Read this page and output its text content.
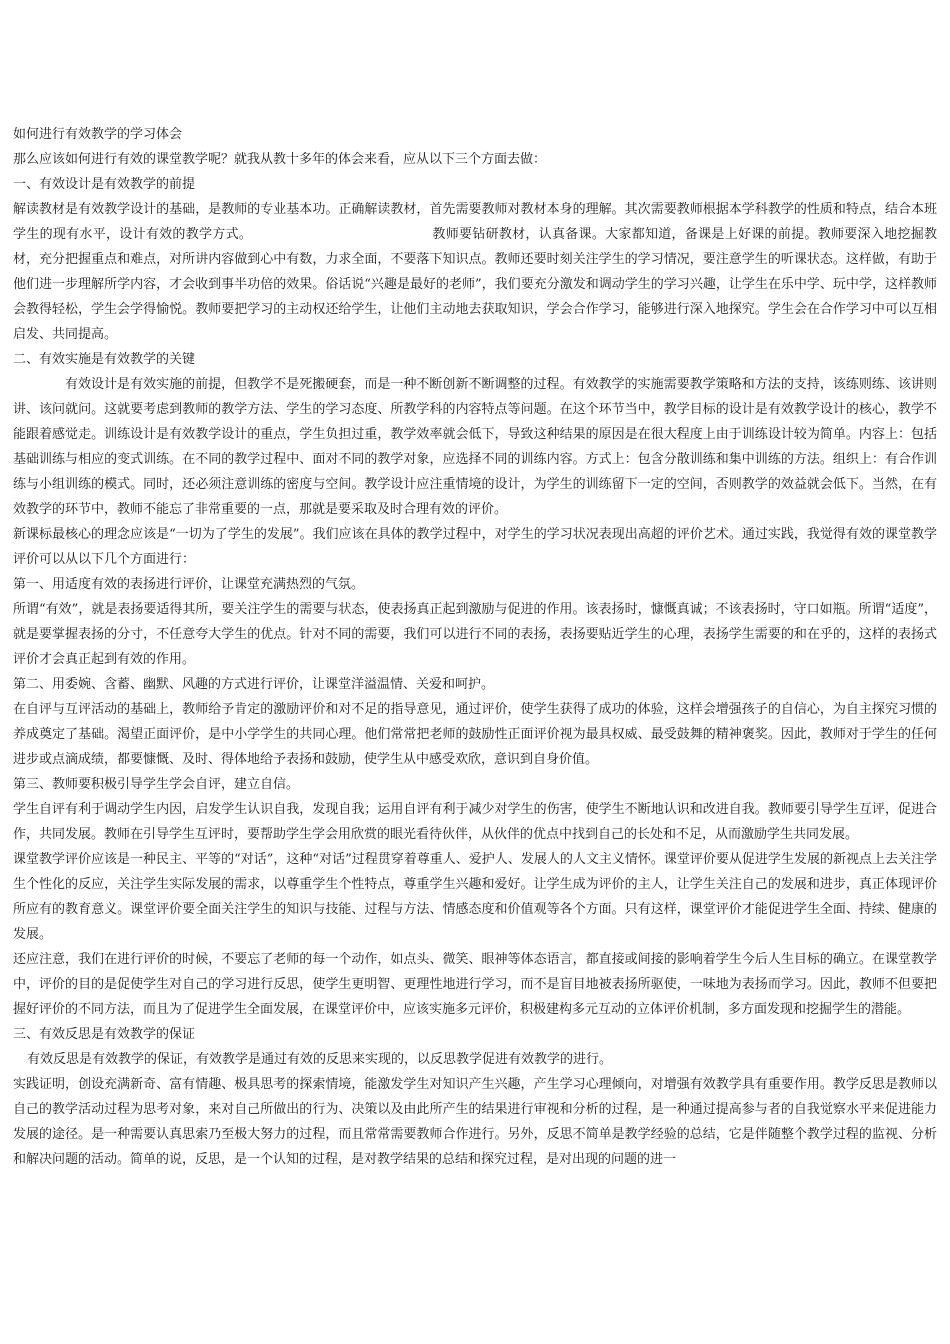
如何进行有效教学的学习体会

那么应该如何进行有效的课堂教学呢？就我从教十多年的体会来看，应从以下三个方面去做：

一、有效设计是有效教学的前提

解读教材是有效教学设计的基础，是教师的专业基本功。正确解读教材，首先需要教师对教材本身的理解。其次需要教师根据本学科教学的性质和特点，结合本班学生的现有水平，设计有效的教学方式。	教师要钻研教材，认真备课。大家都知道，备课是上好课的前提。教师要深入地挖掘教材，充分把握重点和难点，对所讲内容做到心中有数，力求全面，不要落下知识点。教师还要时刻关注学生的学习情况，要注意学生的听课状态。这样做，有助于他们进一步理解所学内容，才会收到事半功倍的效果。俗话说“兴趣是最好的老师”，我们要充分激发和调动学生的学习兴趣，让学生在乐中学、玩中学，这样教师会教得轻松，学生会学得愉悦。教师要把学习的主动权还给学生，让他们主动地去获取知识，学会合作学习，能够进行深入地探究。学生会在合作学习中可以互相启发、共同提高。

二、有效实施是有效教学的关键

有效设计是有效实施的前提，但教学不是死搬硬套，而是一种不断创新不断调整的过程。有效教学的实施需要教学策略和方法的支持，该练则练、该讲则讲、该问就问。这就要考虑到教师的教学方法、学生的学习态度、所教学科的内容特点等问题。在这个环节当中，教学目标的设计是有效教学设计的核心，教学不能跟着感觉走。训练设计是有效教学设计的重点，学生负担过重，教学效率就会低下，导致这种结果的原因是在很大程度上由于训练设计较为简单。内容上：包括基础训练与相应的变式训练。在不同的教学过程中、面对不同的教学对象，应选择不同的训练内容。方式上：包含分散训练和集中训练的方法。组织上：有合作训练与小组训练的模式。同时，还必须注意训练的密度与空间。教学设计应注重情境的设计，为学生的训练留下一定的空间，否则教学的效益就会低下。当然，在有效教学的环节中，教师不能忘了非常重要的一点，那就是要采取及时合理有效的评价。

新课标最核心的理念应该是“一切为了学生的发展”。我们应该在具体的教学过程中，对学生的学习状况表现出高超的评价艺术。通过实践，我觉得有效的课堂教学评价可以从以下几个方面进行：

第一、用适度有效的表扬进行评价，让课堂充满热烈的气氛。

所谓“有效”，就是表扬要适得其所，要关注学生的需要与状态，使表扬真正起到激励与促进的作用。该表扬时，慷慨真诚；不该表扬时，守口如瓶。所谓“适度”，就是要掌握表扬的分寸，不任意夸大学生的优点。针对不同的需要，我们可以进行不同的表扬，表扬要贴近学生的心理，表扬学生需要的和在乎的，这样的表扬式评价才会真正起到有效的作用。

第二、用委婉、含蓄、幽默、风趣的方式进行评价，让课堂洋溢温情、关爱和呵护。

在自评与互评活动的基础上，教师给予肯定的激励评价和对不足的指导意见，通过评价，使学生获得了成功的体验，这样会增强孩子的自信心，为自主探究习惯的养成奠定了基础。渴望正面评价，是中小学学生的共同心理。他们常常把老师的鼓励性正面评价视为最具权威、最受鼓舞的精神褒奖。因此，教师对于学生的任何进步或点滴成绩，都要慷慨、及时、得体地给予表扬和鼓励，使学生从中感受欢欣，意识到自身价值。

第三、教师要积极引导学生学会自评，建立自信。

学生自评有利于调动学生内因，启发学生认识自我，发现自我；运用自评有利于减少对学生的伤害，使学生不断地认识和改进自我。教师要引导学生互评，促进合作，共同发展。教师在引导学生互评时，要帮助学生学会用欣赏的眼光看待伙伴，从伙伴的优点中找到自己的长处和不足，从而激励学生共同发展。

课堂教学评价应该是一种民主、平等的“对话”，这种“对话”过程贯穿着尊重人、爱护人、发展人的人文主义情怀。课堂评价要从促进学生发展的新视点上去关注学生个性化的反应，关注学生实际发展的需求，以尊重学生个性特点，尊重学生兴趣和爱好。让学生成为评价的主人，让学生关注自己的发展和进步，真正体现评价所应有的教育意义。课堂评价要全面关注学生的知识与技能、过程与方法、情感态度和价值观等各个方面。只有这样，课堂评价才能促进学生全面、持续、健康的发展。

还应注意，我们在进行评价的时候，不要忘了老师的每一个动作，如点头、微笑、眼神等体态语言，都直接或间接的影响着学生今后人生目标的确立。在课堂教学中，评价的目的是促使学生对自己的学习进行反思，使学生更明智、更理性地进行学习，而不是盲目地被表扬所驱使，一味地为表扬而学习。因此，教师不但要把握好评价的不同方法，而且为了促进学生全面发展，在课堂评价中，应该实施多元评价，积极建构多元互动的立体评价机制，多方面发现和挖掘学生的潜能。

三、有效反思是有效教学的保证

有效反思是有效教学的保证，有效教学是通过有效的反思来实现的，以反思教学促进有效教学的进行。

实践证明，创设充满新奇、富有情趣、极具思考的探索情境，能激发学生对知识产生兴趣，产生学习心理倾向，对增强有效教学具有重要作用。教学反思是教师以自己的教学活动过程为思考对象，来对自己所做出的行为、决策以及由此所产生的结果进行审视和分析的过程，是一种通过提高参与者的自我觉察水平来促进能力发展的途径。是一种需要认真思索乃至极大努力的过程，而且常常需要教师合作进行。另外，反思不简单是教学经验的总结，它是伴随整个教学过程的监视、分析和解决问题的活动。简单的说，反思，是一个认知的过程，是对教学结果的总结和探究过程，是对出现的问题的进一
